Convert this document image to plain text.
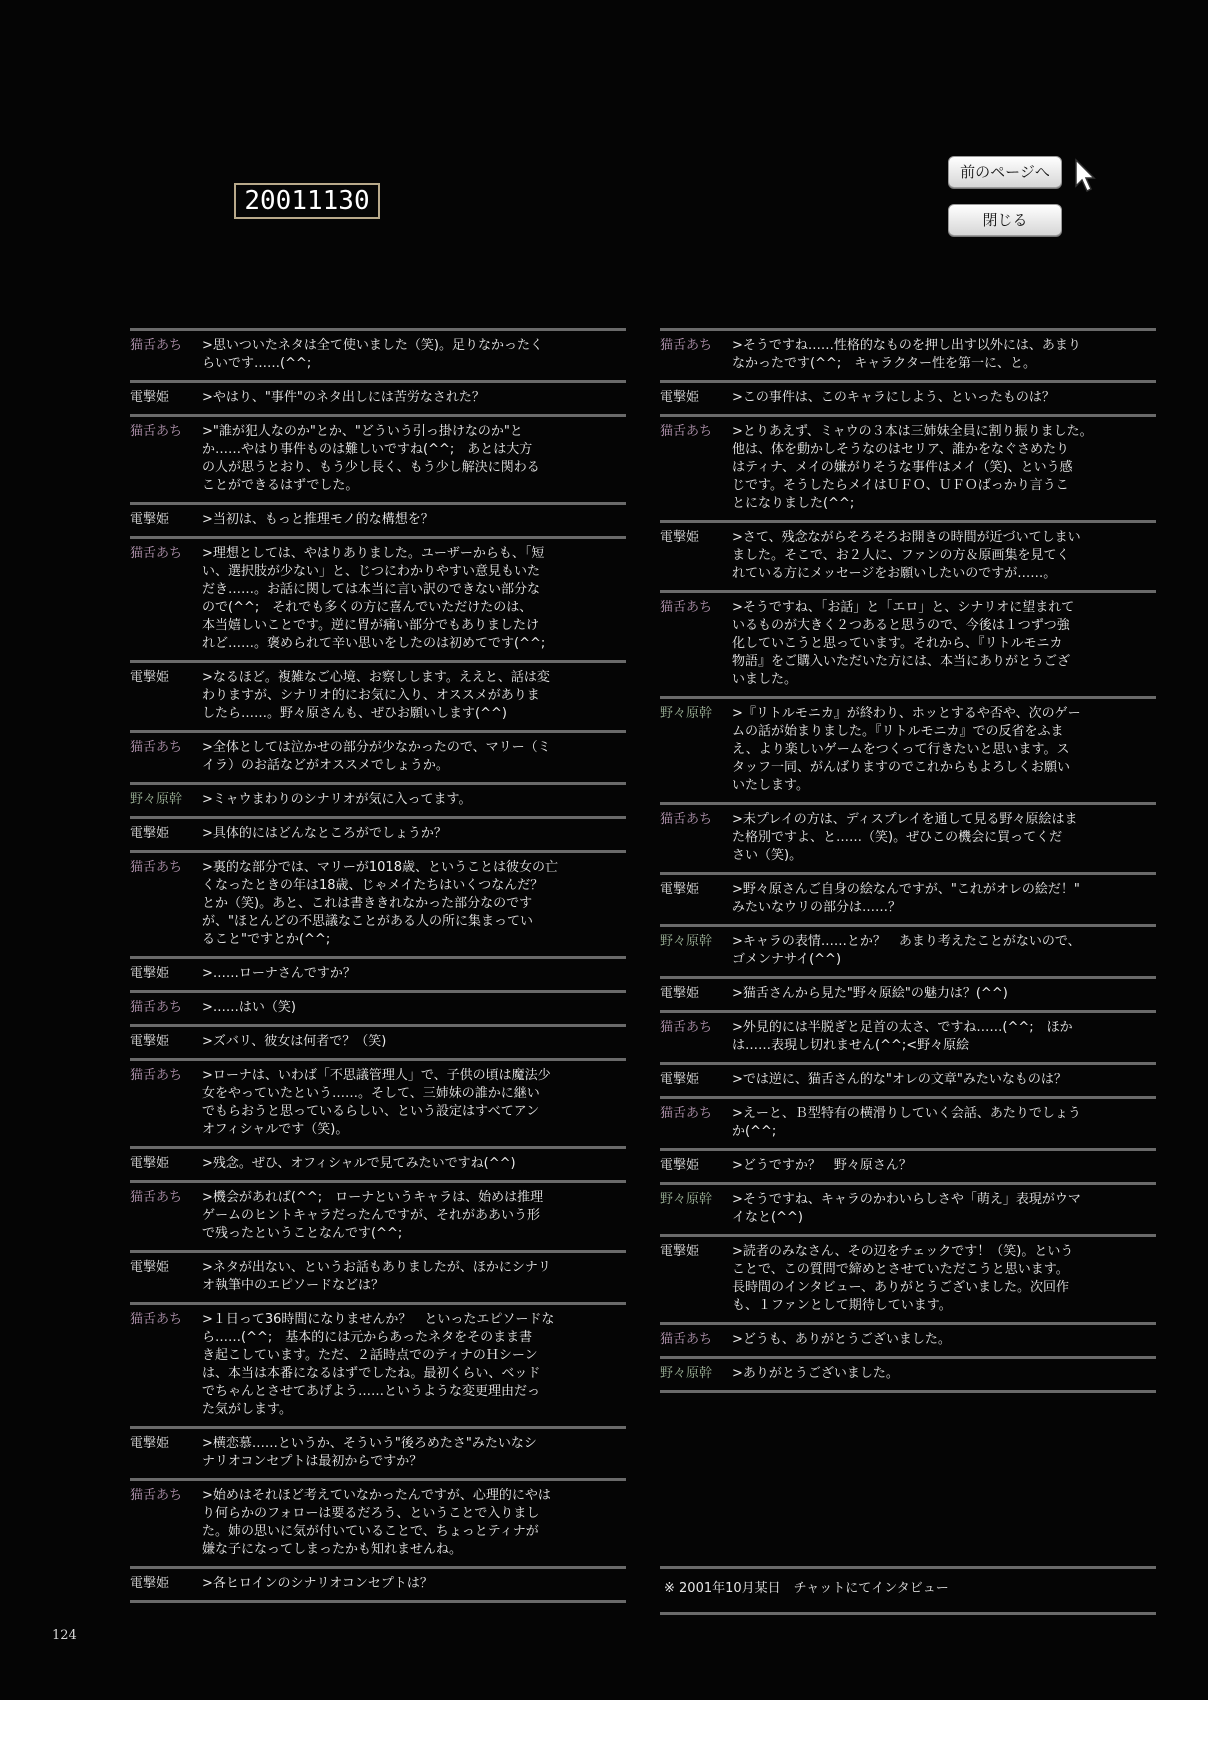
20011130
前のページへ
閉じる
猫舌あち	>思いついたネタは全て使いました（笑)。足りなかったく
らいです……(^^;
電撃姫	>やはり、"事件"のネタ出しには苦労なされた？
猫舌あち	>"誰が犯人なのか"とか、"どういう引っ掛けなのか"と
か……やはり事件ものは難しいですね(^^;　あとは大方
の人が思うとおり、もう少し長く、もう少し解決に関わる
ことができるはずでした。
電撃姫	>当初は、もっと推理モノ的な構想を？
猫舌あち	>理想としては、やはりありました。ユーザーからも、「短
い、選択肢が少ない」と、じつにわかりやすい意見もいた
だき……。お話に関しては本当に言い訳のできない部分な
ので(^^;　それでも多くの方に喜んでいただけたのは、
本当嬉しいことです。逆に胃が痛い部分でもありましたけ
れど……。褒められて辛い思いをしたのは初めてです(^^;
電撃姫	>なるほど。複雑なご心境、お察しします。ええと、話は変
わりますが、シナリオ的にお気に入り、オススメがありま
したら……。野々原さんも、ぜひお願いします(^^)
猫舌あち	>全体としては泣かせの部分が少なかったので、マリー（ミ
イラ）のお話などがオススメでしょうか。
野々原幹	>ミャウまわりのシナリオが気に入ってます。
電撃姫	>具体的にはどんなところがでしょうか？
猫舌あち	>裏的な部分では、マリーが1018歳、ということは彼女の亡
くなったときの年は18歳、じゃメイたちはいくつなんだ？
とか（笑)。あと、これは書ききれなかった部分なのです
が、"ほとんどの不思議なことがある人の所に集まってい
ること"ですとか(^^;
電撃姫	>……ローナさんですか？
猫舌あち	>……はい（笑)
電撃姫	>ズバリ、彼女は何者で？（笑)
猫舌あち	>ローナは、いわば「不思議管理人」で、子供の頃は魔法少
女をやっていたという……。そして、三姉妹の誰かに継い
でもらおうと思っているらしい、という設定はすべてアン
オフィシャルです（笑)。
電撃姫	>残念。ぜひ、オフィシャルで見てみたいですね(^^)
猫舌あち	>機会があれば(^^;　ローナというキャラは、始めは推理
ゲームのヒントキャラだったんですが、それがああいう形
で残ったということなんです(^^;
電撃姫	>ネタが出ない、というお話もありましたが、ほかにシナリ
オ執筆中のエピソードなどは？
猫舌あち	>１日って36時間になりませんか？　といったエピソードな
ら……(^^;　基本的には元からあったネタをそのまま書
き起こしています。ただ、２話時点でのティナのＨシーン
は、本当は本番になるはずでしたね。最初くらい、ベッド
でちゃんとさせてあげよう……というような変更理由だっ
た気がします。
電撃姫	>横恋慕……というか、そういう"後ろめたさ"みたいなシ
ナリオコンセプトは最初からですか？
猫舌あち	>始めはそれほど考えていなかったんですが、心理的にやは
り何らかのフォローは要るだろう、ということで入りまし
た。姉の思いに気が付いていることで、ちょっとティナが
嫌な子になってしまったかも知れませんね。
電撃姫	>各ヒロインのシナリオコンセプトは？
猫舌あち	>そうですね……性格的なものを押し出す以外には、あまり
なかったです(^^;　キャラクター性を第一に、と。
電撃姫	>この事件は、このキャラにしよう、といったものは？
猫舌あち	>とりあえず、ミャウの３本は三姉妹全員に割り振りました。
他は、体を動かしそうなのはセリア、誰かをなぐさめたり
はティナ、メイの嫌がりそうな事件はメイ（笑)、という感
じです。そうしたらメイはＵＦＯ、ＵＦＯばっかり言うこ
とになりました(^^;
電撃姫	>さて、残念ながらそろそろお開きの時間が近づいてしまい
ました。そこで、お２人に、ファンの方＆原画集を見てく
れている方にメッセージをお願いしたいのですが……。
猫舌あち	>そうですね、「お話」と「エロ」と、シナリオに望まれて
いるものが大きく２つあると思うので、今後は１つずつ強
化していこうと思っています。それから、『リトルモニカ
物語』をご購入いただいた方には、本当にありがとうござ
いました。
野々原幹	>『リトルモニカ』が終わり、ホッとするや否や、次のゲー
ムの話が始まりました。『リトルモニカ』での反省をふま
え、より楽しいゲームをつくって行きたいと思います。ス
タッフ一同、がんばりますのでこれからもよろしくお願い
いたします。
猫舌あち	>未プレイの方は、ディスプレイを通して見る野々原絵はま
た格別ですよ、と……（笑)。ぜひこの機会に買ってくだ
さい（笑)。
電撃姫	>野々原さんご自身の絵なんですが、"これがオレの絵だ！"
みたいなウリの部分は……？
野々原幹	>キャラの表情……とか？　あまり考えたことがないので、
ゴメンナサイ(^^)
電撃姫	>猫舌さんから見た"野々原絵"の魅力は？(^^)
猫舌あち	>外見的には半脱ぎと足首の太さ、ですね……(^^;　ほか
は……表現し切れません(^^;<野々原絵
電撃姫	>では逆に、猫舌さん的な"オレの文章"みたいなものは？
猫舌あち	>えーと、Ｂ型特有の横滑りしていく会話、あたりでしょう
か(^^;
電撃姫	>どうですか？　野々原さん？
野々原幹	>そうですね、キャラのかわいらしさや「萌え」表現がウマ
イなと(^^)
電撃姫	>読者のみなさん、その辺をチェックです！（笑)。という
ことで、この質問で締めとさせていただこうと思います。
長時間のインタビュー、ありがとうございました。次回作
も、１ファンとして期待しています。
猫舌あち	>どうも、ありがとうございました。
野々原幹	>ありがとうございました。
※ 2001年10月某日　チャットにてインタビュー
124
